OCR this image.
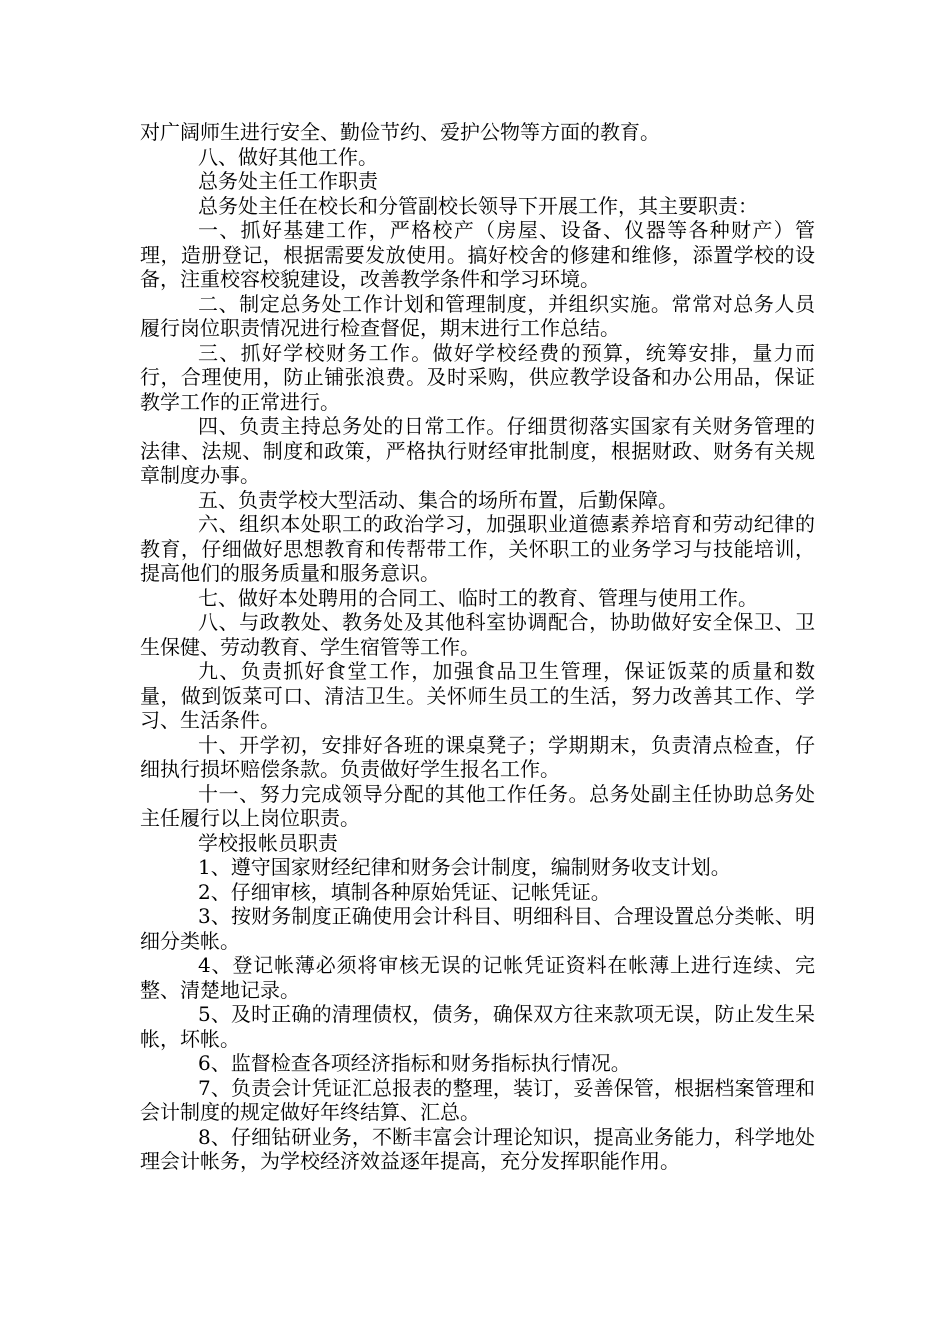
对广阔师生进行安全、勤俭节约、爱护公物等方面的教育。

八、做好其他工作。

总务处主任工作职责

总务处主任在校长和分管副校长领导下开展工作，其主要职责：

一、抓好基建工作，严格校产（房屋、设备、仪器等各种财产）管理，造册登记，根据需要发放使用。搞好校舍的修建和维修，添置学校的设备，注重校容校貌建设，改善教学条件和学习环境。

二、制定总务处工作计划和管理制度，并组织实施。常常对总务人员履行岗位职责情况进行检查督促，期末进行工作总结。

三、抓好学校财务工作。做好学校经费的预算，统筹安排，量力而行，合理使用，防止铺张浪费。及时采购，供应教学设备和办公用品，保证教学工作的正常进行。

四、负责主持总务处的日常工作。仔细贯彻落实国家有关财务管理的法律、法规、制度和政策，严格执行财经审批制度，根据财政、财务有关规章制度办事。

五、负责学校大型活动、集合的场所布置，后勤保障。

六、组织本处职工的政治学习，加强职业道德素养培育和劳动纪律的教育，仔细做好思想教育和传帮带工作，关怀职工的业务学习与技能培训，提高他们的服务质量和服务意识。

七、做好本处聘用的合同工、临时工的教育、管理与使用工作。

八、与政教处、教务处及其他科室协调配合，协助做好安全保卫、卫生保健、劳动教育、学生宿管等工作。

九、负责抓好食堂工作，加强食品卫生管理，保证饭菜的质量和数量，做到饭菜可口、清洁卫生。关怀师生员工的生活，努力改善其工作、学习、生活条件。

十、开学初，安排好各班的课桌凳子；学期期末，负责清点检查，仔细执行损坏赔偿条款。负责做好学生报名工作。

十一、努力完成领导分配的其他工作任务。总务处副主任协助总务处主任履行以上岗位职责。

学校报帐员职责

1、遵守国家财经纪律和财务会计制度，编制财务收支计划。

2、仔细审核，填制各种原始凭证、记帐凭证。

3、按财务制度正确使用会计科目、明细科目、合理设置总分类帐、明细分类帐。

4、登记帐薄必须将审核无误的记帐凭证资料在帐薄上进行连续、完整、清楚地记录。

5、及时正确的清理债权，债务，确保双方往来款项无误，防止发生呆帐，坏帐。

6、监督检查各项经济指标和财务指标执行情况。

7、负责会计凭证汇总报表的整理，装订，妥善保管，根据档案管理和会计制度的规定做好年终结算、汇总。

8、仔细钻研业务，不断丰富会计理论知识，提高业务能力，科学地处理会计帐务，为学校经济效益逐年提高，充分发挥职能作用。
